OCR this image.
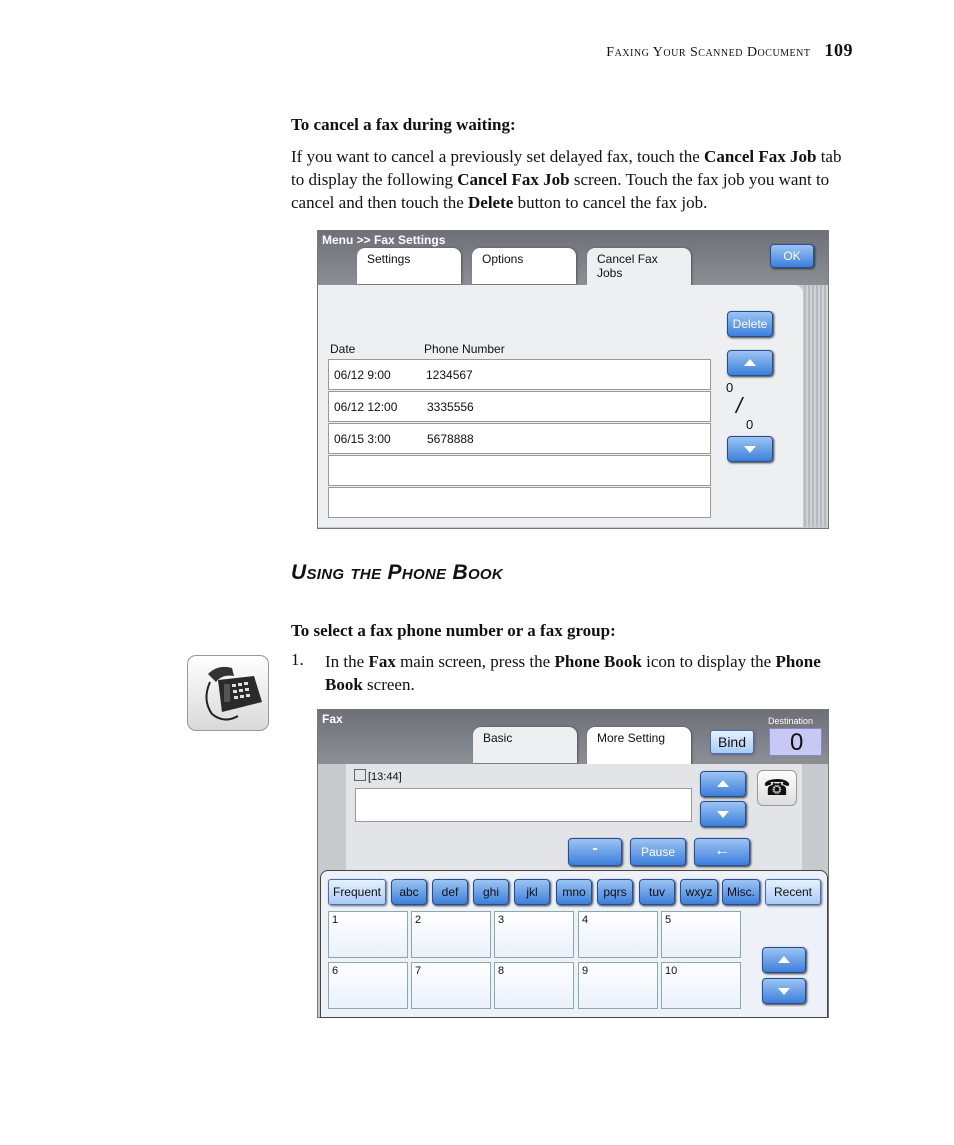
Faxing Your Scanned Document 109
To cancel a fax during waiting:
If you want to cancel a previously set delayed fax, touch the Cancel Fax Job tab to display the following Cancel Fax Job screen. Touch the fax job you want to cancel and then touch the Delete button to cancel the fax job.
Menu >> Fax Settings
Settings	Options	Cancel Fax Jobs
OK
Date	Phone Number
06/12 9:00	1234567
06/12 12:00 3335556
06/15 3:00	5678888
Delete
0
/
0
Using the Phone Book
To select a fax phone number or a fax group:
1. In the Fax main screen, press the Phone Book icon to display the Phone Book screen.
Fax
Basic	More Setting	Bind
Destination
0
[13:44]
-	Pause	←
☎
Frequent	abc	def	ghi	jkl	mno	pqrs	tuv	wxyz	Misc.	Recent
1	2	3	4	5
6	7	8	9	10
